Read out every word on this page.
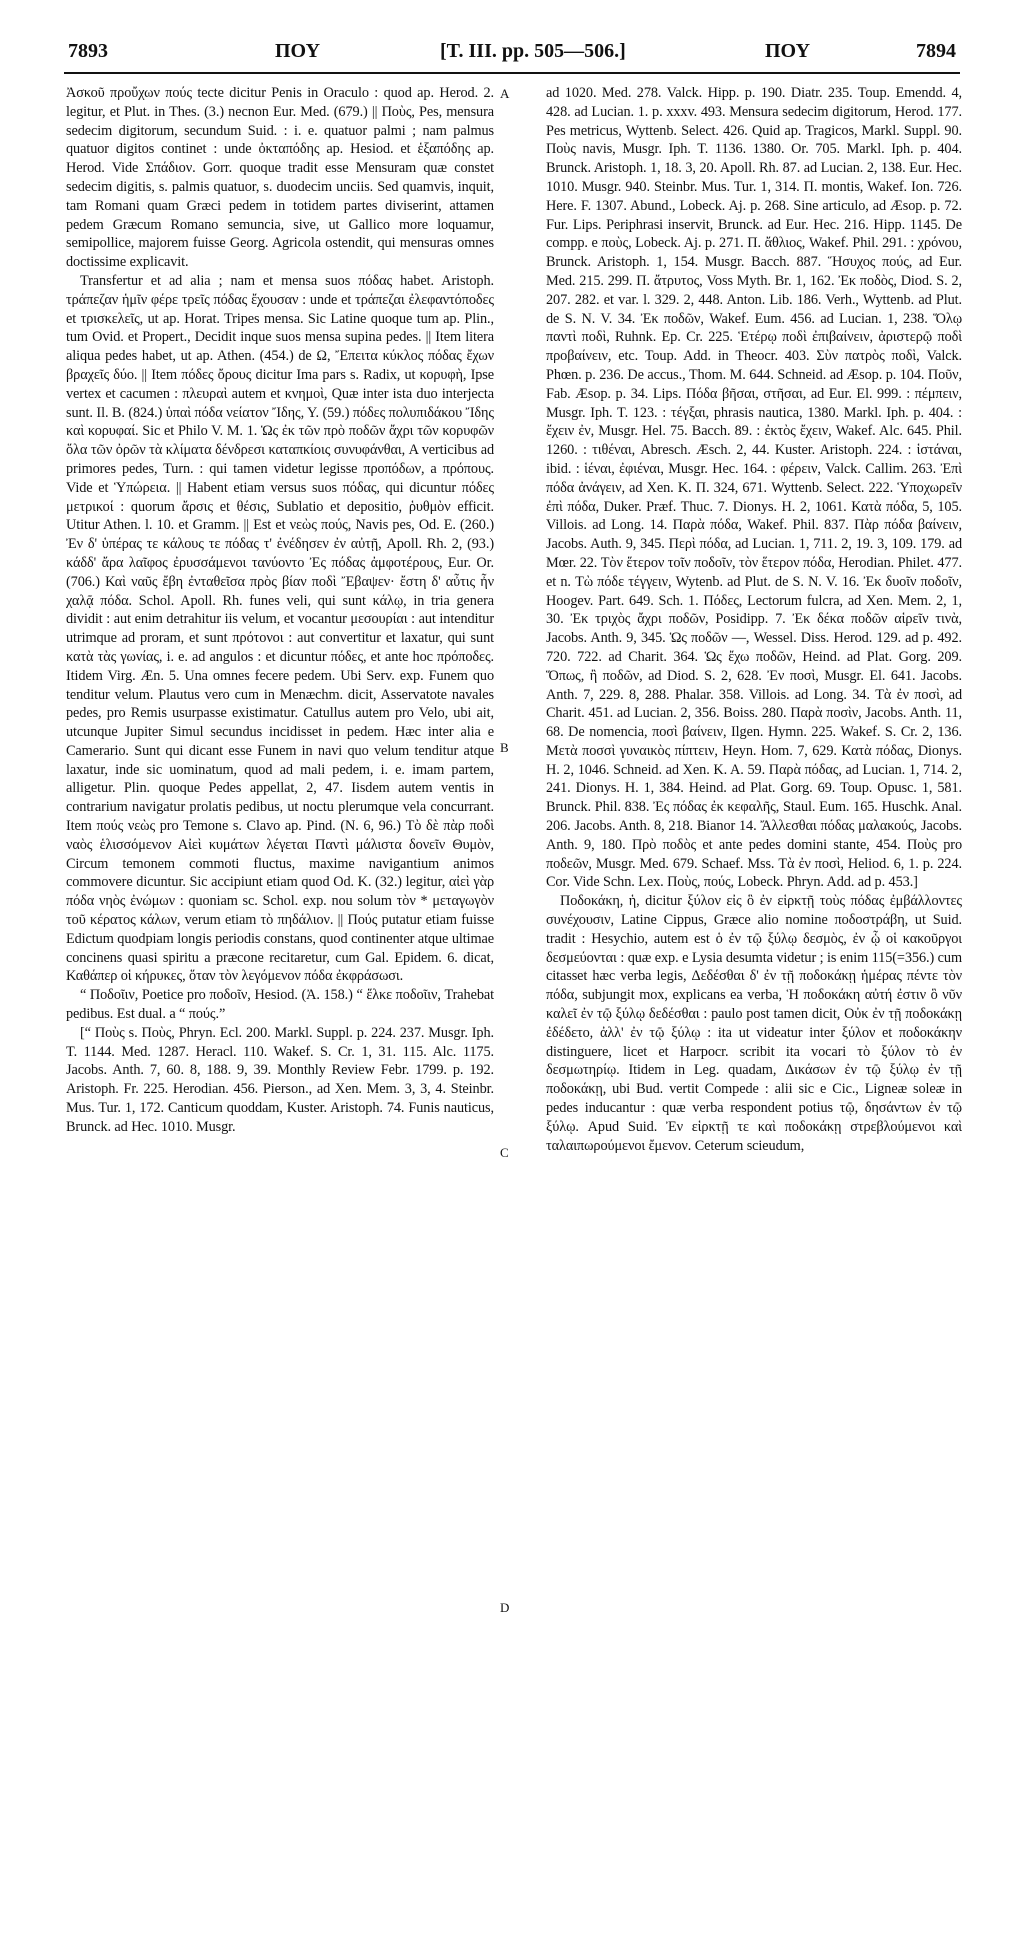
7893	ΠΟΥ	[Τ. ΙΙΙ. pp. 505—506.]	ΠΟΥ	7894

Ἀσκοῦ προὔχων πούς tecte dicitur Penis in Oraculo : quod ap. Herod. 2. legitur, et Plut. in Thes. (3.) necnon Eur. Med. (679.) || Ποὺς, Pes, mensura sedecim digitorum, secundum Suid. : i. e. quatuor palmi ; nam palmus quatuor digitos continet : unde ὀκταπόδης ap. Hesiod. et ἑξαπόδης ap. Herod. Vide Σπάδιον. Gorr. quoque tradit esse Mensuram quæ constet sedecim digitis, s. palmis quatuor, s. duodecim unciis. Sed quamvis, inquit, tam Romani quam Græci pedem in totidem partes diviserint, attamen pedem Græcum Romano semuncia, sive, ut Gallico more loquamur, semipollice, majorem fuisse Georg. Agricola ostendit, qui mensuras omnes doctissime explicavit.

Transfertur et ad alia ; nam et mensa suos πόδας habet. Aristoph. τράπεζαν ἡμῖν φέρε τρεῖς πόδας ἔχουσαν : unde et τράπεζαι ἐλεφαντόποδες et τρισκελεῖς, ut ap. Horat. Tripes mensa. Sic Latine quoque tum ap. Plin., tum Ovid. et Propert., Decidit inque suos mensa supina pedes. || Item litera aliqua pedes habet, ut ap. Athen. (454.) de Ω, Ἔπειτα κύκλος πόδας ἔχων βραχεῖς δύο. || Item πόδες ὄρους dicitur Ima pars s. Radix, ut κορυφὴ, Ipse vertex et cacumen : πλευραὶ autem et κνημοὶ, Quæ inter ista duo interjecta sunt. Il. B. (824.) ὑπαὶ πόδα νείατον Ἴδης, Υ. (59.) πόδες πολυπιδάκου Ἴδης καὶ κορυφαί. Sic et Philo V. M. 1. Ὡς ἐκ τῶν πρὸ ποδῶν ἄχρι τῶν κορυφῶν ὅλα τῶν ὀρῶν τὰ κλίματα δένδρεσι καταπκίοις συνυφάνθαι, A verticibus ad primores pedes, Turn. : qui tamen videtur legisse προπόδων, a πρόπους. Vide et Ὑπώρεια. || Habent etiam versus suos πόδας, qui dicuntur πόδες μετρικοί : quorum ἄρσις et θέσις, Sublatio et depositio, ῥυθμὸν efficit. Utitur Athen. l. 10. et Gramm. || Est et νεὼς πούς, Navis pes, Od. E. (260.) Ἐν δ' ὑπέρας τε κάλους τε πόδας τ' ἐνέδησεν ἐν αὐτῇ, Apoll. Rh. 2, (93.) κάδδ' ἄρα λαῖφος ἐρυσσάμενοι τανύοντο Ἐς πόδας ἀμφοτέρους, Eur. Or. (706.) Καὶ ναῦς ἔβη ἐνταθεῖσα πρὸς βίαν ποδὶ Ἔβαψεν· ἔστη δ' αὖτις ἦν χαλᾷ πόδα. Schol. Apoll. Rh. funes veli, qui sunt κάλῳ, in tria genera dividit : aut enim detrahitur iis velum, et vocantur μεσουρίαι : aut intenditur utrimque ad proram, et sunt πρότονοι : aut convertitur et laxatur, qui sunt κατὰ τὰς γωνίας, i. e. ad angulos : et dicuntur πόδες, et ante hoc πρόποδες. Itidem Virg. Æn. 5. Una omnes fecere pedem. Ubi Serv. exp. Funem quo tenditur velum. Plautus vero cum in Menæchm. dicit, Asservatote navales pedes, pro Remis usurpasse existimatur. Catullus autem pro Velo, ubi ait, utcunque Jupiter Simul secundus incidisset in pedem. Hæc inter alia e Camerario. Sunt qui dicant esse Funem in navi quo velum tenditur atque laxatur, inde sic uominatum, quod ad mali pedem, i. e. imam partem, alligetur. Plin. quoque Pedes appellat, 2, 47. Iisdem autem ventis in contrarium navigatur prolatis pedibus, ut noctu plerumque vela concurrant. Item πούς νεὼς pro Temone s. Clavo ap. Pind. (N. 6, 96.) Τὸ δὲ πὰρ ποδὶ ναὸς ἑλισσόμενον Αἰεὶ κυμάτων λέγεται Παντὶ μάλιστα δονεῖν Θυμὸν, Circum temonem commoti fluctus, maxime navigantium animos commovere dicuntur. Sic accipiunt etiam quod Od. K. (32.) legitur, αἰεὶ γὰρ πόδα νηὸς ἐνώμων : quoniam sc. Schol. exp. nou solum τὸν * μεταγωγὸν τοῦ κέρατος κάλων, verum etiam τὸ πηδάλιον. || Πούς putatur etiam fuisse Edictum quodpiam longis periodis constans, quod continenter atque ultimae concinens quasi spiritu a præcone recitaretur, cum Gal. Epidem. 6. dicat, Καθάπερ οἱ κήρυκες, ὅταν τὸν λεγόμενον πόδα ἐκφράσωσι.

“ Ποδοῖιν, Poetice pro ποδοῖν, Hesiod. (Ἀ. 158.) “ ἕλκε ποδοῖιν, Trahebat pedibus. Est dual. a “ πούς.”

[“ Ποὺς s. Ποὺς, Phryn. Ecl. 200. Markl. Suppl. p. 224. 237. Musgr. Iph. T. 1144. Med. 1287. Heracl. 110. Wakef. S. Cr. 1, 31. 115. Alc. 1175. Jacobs. Anth. 7, 60. 8, 188. 9, 39. Monthly Review Febr. 1799. p. 192. Aristoph. Fr. 225. Herodian. 456. Pierson., ad Xen. Mem. 3, 3, 4. Steinbr. Mus. Tur. 1, 172. Canticum quoddam, Kuster. Aristoph. 74. Funis nauticus, Brunck. ad Hec. 1010. Musgr.

ad 1020. Med. 278. Valck. Hipp. p. 190. Diatr. 235. Toup. Emendd. 4, 428. ad Lucian. 1. p. xxxv. 493. Mensura sedecim digitorum, Herod. 177. Pes metricus, Wyttenb. Select. 426. Quid ap. Tragicos, Markl. Suppl. 90. Ποὺς navis, Musgr. Iph. T. 1136. 1380. Or. 705. Markl. Iph. p. 404. Brunck. Aristoph. 1, 18. 3, 20. Apoll. Rh. 87. ad Lucian. 2, 138. Eur. Hec. 1010. Musgr. 940. Steinbr. Mus. Tur. 1, 314. Π. montis, Wakef. Ion. 726. Here. F. 1307. Abund., Lobeck. Aj. p. 268. Sine articulo, ad Æsop. p. 72. Fur. Lips. Periphrasi inservit, Brunck. ad Eur. Hec. 216. Hipp. 1145. De compp. e ποὺς, Lobeck. Aj. p. 271. Π. ἄθλιος, Wakef. Phil. 291. : χρόνου, Brunck. Aristoph. 1, 154. Musgr. Bacch. 887. Ἥσυχος πούς, ad Eur. Med. 215. 299. Π. ἄτρυτος, Voss Myth. Br. 1, 162. Ἐκ ποδὸς, Diod. S. 2, 207. 282. et var. l. 329. 2, 448. Anton. Lib. 186. Verh., Wyttenb. ad Plut. de S. N. V. 34. Ἐκ ποδῶν, Wakef. Eum. 456. ad Lucian. 1, 238. Ὅλῳ παντὶ ποδὶ, Ruhnk. Ep. Cr. 225. Ἑτέρῳ ποδὶ ἐπιβαίνειν, ἀριστερῷ ποδὶ προβαίνειν, etc. Toup. Add. in Theocr. 403. Σὺν πατρὸς ποδὶ, Valck. Phœn. p. 236. De accus., Thom. M. 644. Schneid. ad Æsop. p. 104. Ποῦν, Fab. Æsop. p. 34. Lips. Πόδα βῆσαι, στῆσαι, ad Eur. El. 999. : πέμπειν, Musgr. Iph. T. 123. : τέγξαι, phrasis nautica, 1380. Markl. Iph. p. 404. : ἔχειν ἐν, Musgr. Hel. 75. Bacch. 89. : ἐκτὸς ἔχειν, Wakef. Alc. 645. Phil. 1260. : τιθέναι, Abresch. Æsch. 2, 44. Kuster. Aristoph. 224. : ἱστάναι, ibid. : ἱέναι, ἐφιέναι, Musgr. Hec. 164. : φέρειν, Valck. Callim. 263. Ἐπὶ πόδα ἀνάγειν, ad Xen. K. Π. 324, 671. Wyttenb. Select. 222. Ὑποχωρεῖν ἐπὶ πόδα, Duker. Præf. Thuc. 7. Dionys. H. 2, 1061. Κατὰ πόδα, 5, 105. Villois. ad Long. 14. Παρὰ πόδα, Wakef. Phil. 837. Πὰρ πόδα βαίνειν, Jacobs. Auth. 9, 345. Περὶ πόδα, ad Lucian. 1, 711. 2, 19. 3, 109. 179. ad Mœr. 22. Τὸν ἕτερον τοῖν ποδοῖν, τὸν ἕτερον πόδα, Herodian. Philet. 477. et n. Τὼ πόδε τέγγειν, Wytenb. ad Plut. de S. N. V. 16. Ἐκ δυοῖν ποδοῖν, Hoogev. Part. 649. Sch. 1. Πόδες, Lectorum fulcra, ad Xen. Mem. 2, 1, 30. Ἐκ τριχὸς ἄχρι ποδῶν, Posidipp. 7. Ἐκ δέκα ποδῶν αἱρεῖν τινὰ, Jacobs. Anth. 9, 345. Ὡς ποδῶν —, Wessel. Diss. Herod. 129. ad p. 492. 720. 722. ad Charit. 364. Ὡς ἔχω ποδῶν, Heind. ad Plat. Gorg. 209. Ὅπως, ἢ ποδῶν, ad Diod. S. 2, 628. Ἐν ποσὶ, Musgr. El. 641. Jacobs. Anth. 7, 229. 8, 288. Phalar. 358. Villois. ad Long. 34. Τὰ ἐν ποσὶ, ad Charit. 451. ad Lucian. 2, 356. Boiss. 280. Παρὰ ποσὶν, Jacobs. Anth. 11, 68. De nomencia, ποσὶ βαίνειν, Ilgen. Hymn. 225. Wakef. S. Cr. 2, 136. Μετὰ ποσσὶ γυναικὸς πίπτειν, Heyn. Hom. 7, 629. Κατὰ πόδας, Dionys. H. 2, 1046. Schneid. ad Xen. K. A. 59. Παρὰ πόδας, ad Lucian. 1, 714. 2, 241. Dionys. H. 1, 384. Heind. ad Plat. Gorg. 69. Toup. Opusc. 1, 581. Brunck. Phil. 838. Ἐς πόδας ἐκ κεφαλῆς, Staul. Eum. 165. Huschk. Anal. 206. Jacobs. Anth. 8, 218. Bianor 14. Ἄλλεσθαι πόδας μαλακούς, Jacobs. Anth. 9, 180. Πρὸ ποδὸς et ante pedes domini stante, 454. Ποὺς pro ποδεῶν, Musgr. Med. 679. Schaef. Mss. Τὰ ἐν ποσὶ, Heliod. 6, 1. p. 224. Cor. Vide Schn. Lex. Ποὺς, πούς, Lobeck. Phryn. Add. ad p. 453.]

Ποδοκάκη, ἡ, dicitur ξύλον εἰς ὃ ἐν εἱρκτῇ τοὺς πόδας ἐμβάλλοντες συνέχουσιν, Latine Cippus, Græce alio nomine ποδοστράβη, ut Suid. tradit : Hesychio, autem est ὁ ἐν τῷ ξύλῳ δεσμὸς, ἐν ᾧ οἱ κακοῦργοι δεσμεύονται : quæ exp. e Lysia desumta videtur ; is enim 115(=356.) cum citasset hæc verba legis, Δεδέσθαι δ' ἐν τῇ ποδοκάκῃ ἡμέρας πέντε τὸν πόδα, subjungit mox, explicans ea verba, Ἡ ποδοκάκη αὐτή ἐστιν ὃ νῦν καλεῖ ἐν τῷ ξύλῳ δεδέσθαι : paulo post tamen dicit, Οὐκ ἐν τῇ ποδοκάκῃ ἐδέδετο, ἀλλ' ἐν τῷ ξύλῳ : ita ut videatur inter ξύλον et ποδοκάκην distinguere, licet et Harpocr. scribit ita vocari τὸ ξύλον τὸ ἐν δεσμωτηρίῳ. Itidem in Leg. quadam, Δικάσων ἐν τῷ ξύλῳ ἐν τῇ ποδοκάκῃ, ubi Bud. vertit Compede : alii sic e Cic., Ligneæ soleæ in pedes inducantur : quæ verba respondent potius τῷ, δησάντων ἐν τῷ ξύλῳ. Apud Suid. Ἐν εἱρκτῇ τε καὶ ποδοκάκῃ στρεβλούμενοι καὶ ταλαιπωρούμενοι ἔμενον. Ceterum scieudum,

A
B
C
D
